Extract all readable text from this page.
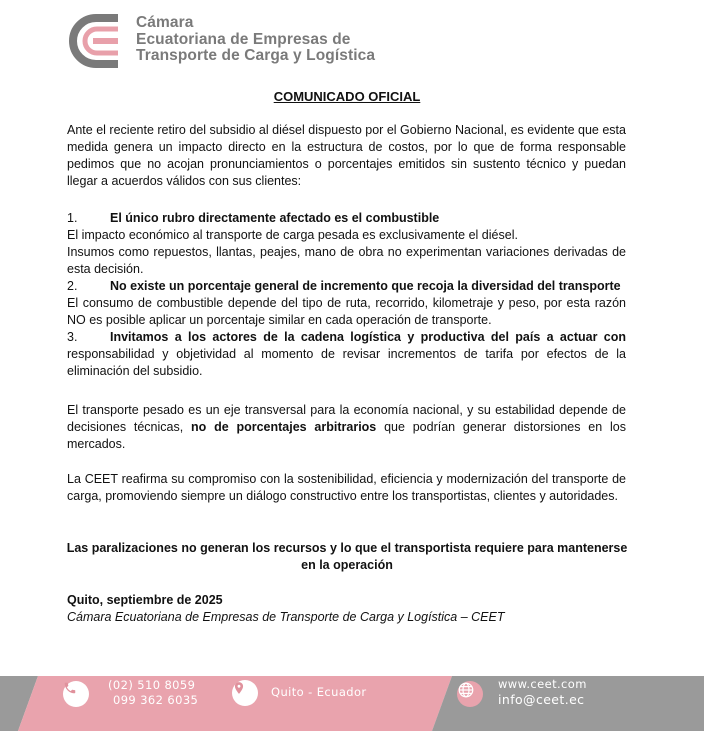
Cámara
Ecuatoriana de Empresas de
Transporte de Carga y Logística
COMUNICADO OFICIAL

Ante el reciente retiro del subsidio al diésel dispuesto por el Gobierno Nacional, es evidente que esta medida genera un impacto directo en la estructura de costos, por lo que de forma responsable pedimos que no acojan pronunciamientos o porcentajes emitidos sin sustento técnico y puedan llegar a acuerdos válidos con sus clientes:

1.	El único rubro directamente afectado es el combustible

El impacto económico al transporte de carga pesada es exclusivamente el diésel.

Insumos como repuestos, llantas, peajes, mano de obra no experimentan variaciones derivadas de esta decisión.

2.	No existe un porcentaje general de incremento que recoja la diversidad del transporte

El consumo de combustible depende del tipo de ruta, recorrido, kilometraje y peso, por esta razón NO es posible aplicar un porcentaje similar en cada operación de transporte.

3.	Invitamos a los actores de la cadena logística y productiva del país a actuar con responsabilidad y objetividad al momento de revisar incrementos de tarifa por efectos de la eliminación del subsidio.

El transporte pesado es un eje transversal para la economía nacional, y su estabilidad depende de decisiones técnicas, no de porcentajes arbitrarios que podrían generar distorsiones en los mercados.

La CEET reafirma su compromiso con la sostenibilidad, eficiencia y modernización del transporte de carga, promoviendo siempre un diálogo constructivo entre los transportistas, clientes y autoridades.

Las paralizaciones no generan los recursos y lo que el transportista requiere para mantenerse
en la operación
Quito, septiembre de 2025
Cámara Ecuatoriana de Empresas de Transporte de Carga y Logística – CEET
(02) 510 8059
099 362 6035
Quito - Ecuador
www.ceet.com
info@ceet.ec
